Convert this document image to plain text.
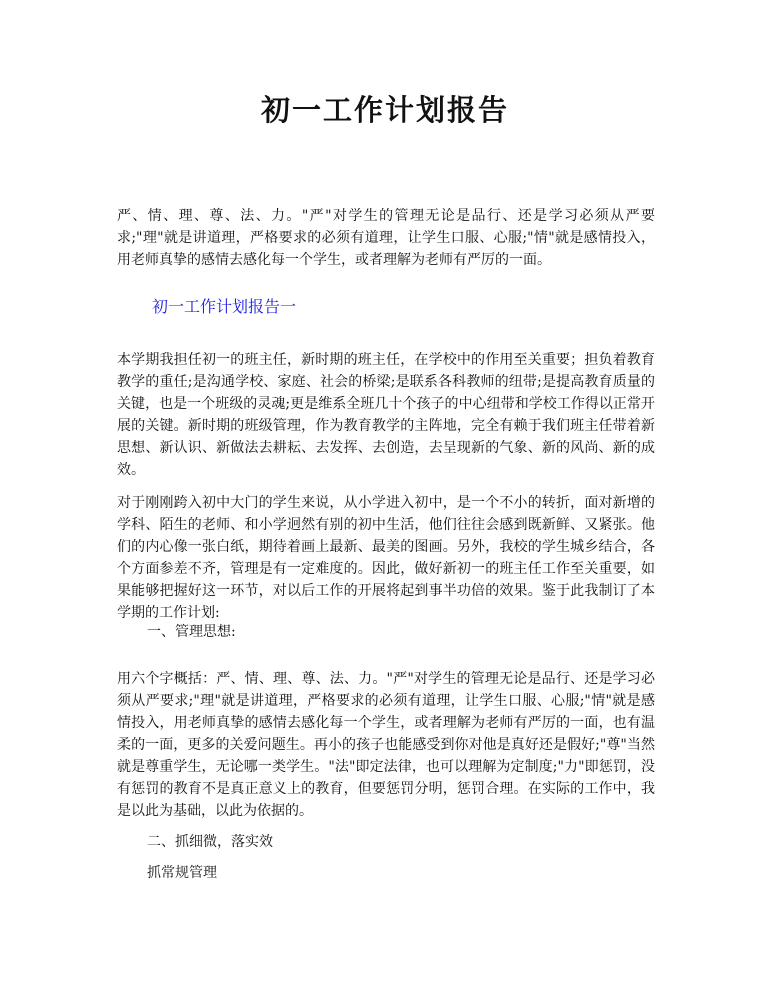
初一工作计划报告

严、情、理、尊、法、力。"严"对学生的管理无论是品行、还是学习必须从严要求;"理"就是讲道理，严格要求的必须有道理，让学生口服、心服;"情"就是感情投入，用老师真挚的感情去感化每一个学生，或者理解为老师有严厉的一面。

初一工作计划报告一

本学期我担任初一的班主任，新时期的班主任，在学校中的作用至关重要；担负着教育教学的重任;是沟通学校、家庭、社会的桥梁;是联系各科教师的纽带;是提高教育质量的关键，也是一个班级的灵魂;更是维系全班几十个孩子的中心纽带和学校工作得以正常开展的关键。新时期的班级管理，作为教育教学的主阵地，完全有赖于我们班主任带着新思想、新认识、新做法去耕耘、去发挥、去创造，去呈现新的气象、新的风尚、新的成效。

对于刚刚跨入初中大门的学生来说，从小学进入初中，是一个不小的转折，面对新增的学科、陌生的老师、和小学迥然有别的初中生活，他们往往会感到既新鲜、又紧张。他们的内心像一张白纸，期待着画上最新、最美的图画。另外，我校的学生城乡结合，各个方面参差不齐，管理是有一定难度的。因此，做好新初一的班主任工作至关重要，如果能够把握好这一环节，对以后工作的开展将起到事半功倍的效果。鉴于此我制订了本学期的工作计划:

一、管理思想:

用六个字概括：严、情、理、尊、法、力。"严"对学生的管理无论是品行、还是学习必须从严要求;"理"就是讲道理，严格要求的必须有道理，让学生口服、心服;"情"就是感情投入，用老师真挚的感情去感化每一个学生，或者理解为老师有严厉的一面，也有温柔的一面，更多的关爱问题生。再小的孩子也能感受到你对他是真好还是假好;"尊"当然就是尊重学生，无论哪一类学生。"法"即定法律，也可以理解为定制度;"力"即惩罚，没有惩罚的教育不是真正意义上的教育，但要惩罚分明，惩罚合理。在实际的工作中，我是以此为基础，以此为依据的。

二、抓细微，落实效

抓常规管理
